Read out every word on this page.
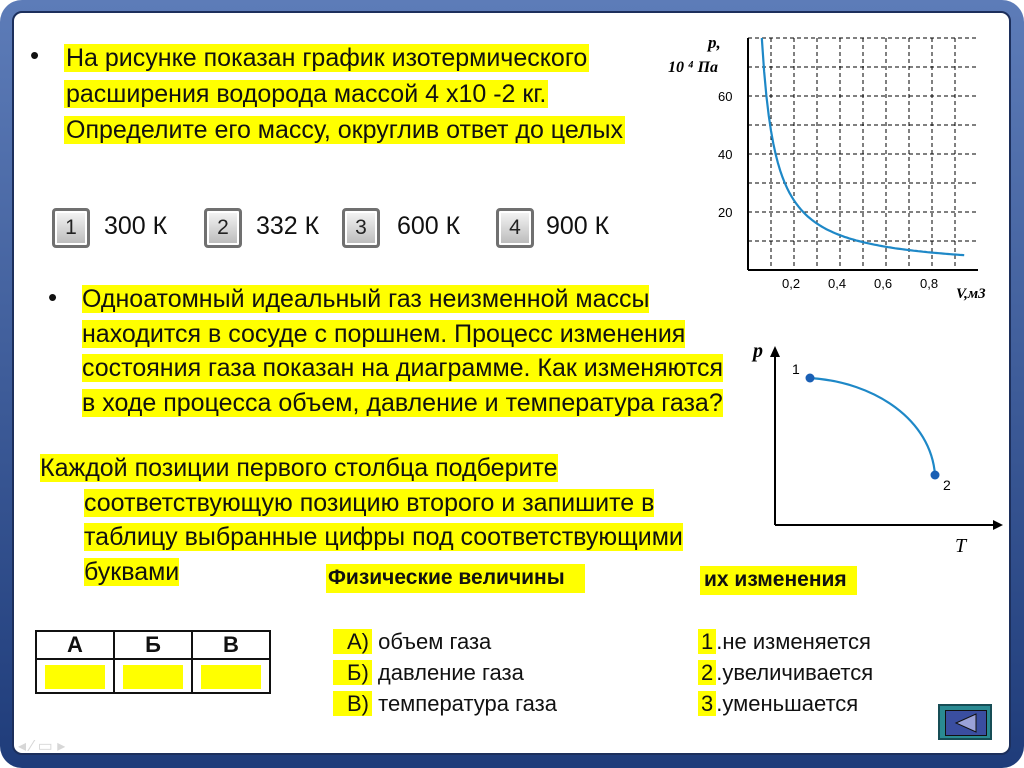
• На рисунке показан график изотермического расширения водорода массой 4 x10 -2 кг. Определите его массу, округлив ответ до целых
1	300 К	2	332 К	3	600 К	4	900 К
p,
10 ⁴ Па
V,м3
20
40
60
0,2 0,4 0,6 0,8
• Одноатомный идеальный газ неизменной массы находится в сосуде с поршнем. Процесс изменения состояния газа показан на диаграмме. Как изменяются в ходе процесса объем, давление и температура газа?
Каждой позиции первого столбца подберите
соответствующую позицию второго и запишите в таблицу выбранные цифры под соответствующими буквами
p
T
1
2
Физические величины	их изменения
А) объем газа
Б) давление газа
В) температура газа
1 .не изменяется
2 .увеличивается
3 .уменьшается
А	Б	В

◂ ∕ ▭ ▸
